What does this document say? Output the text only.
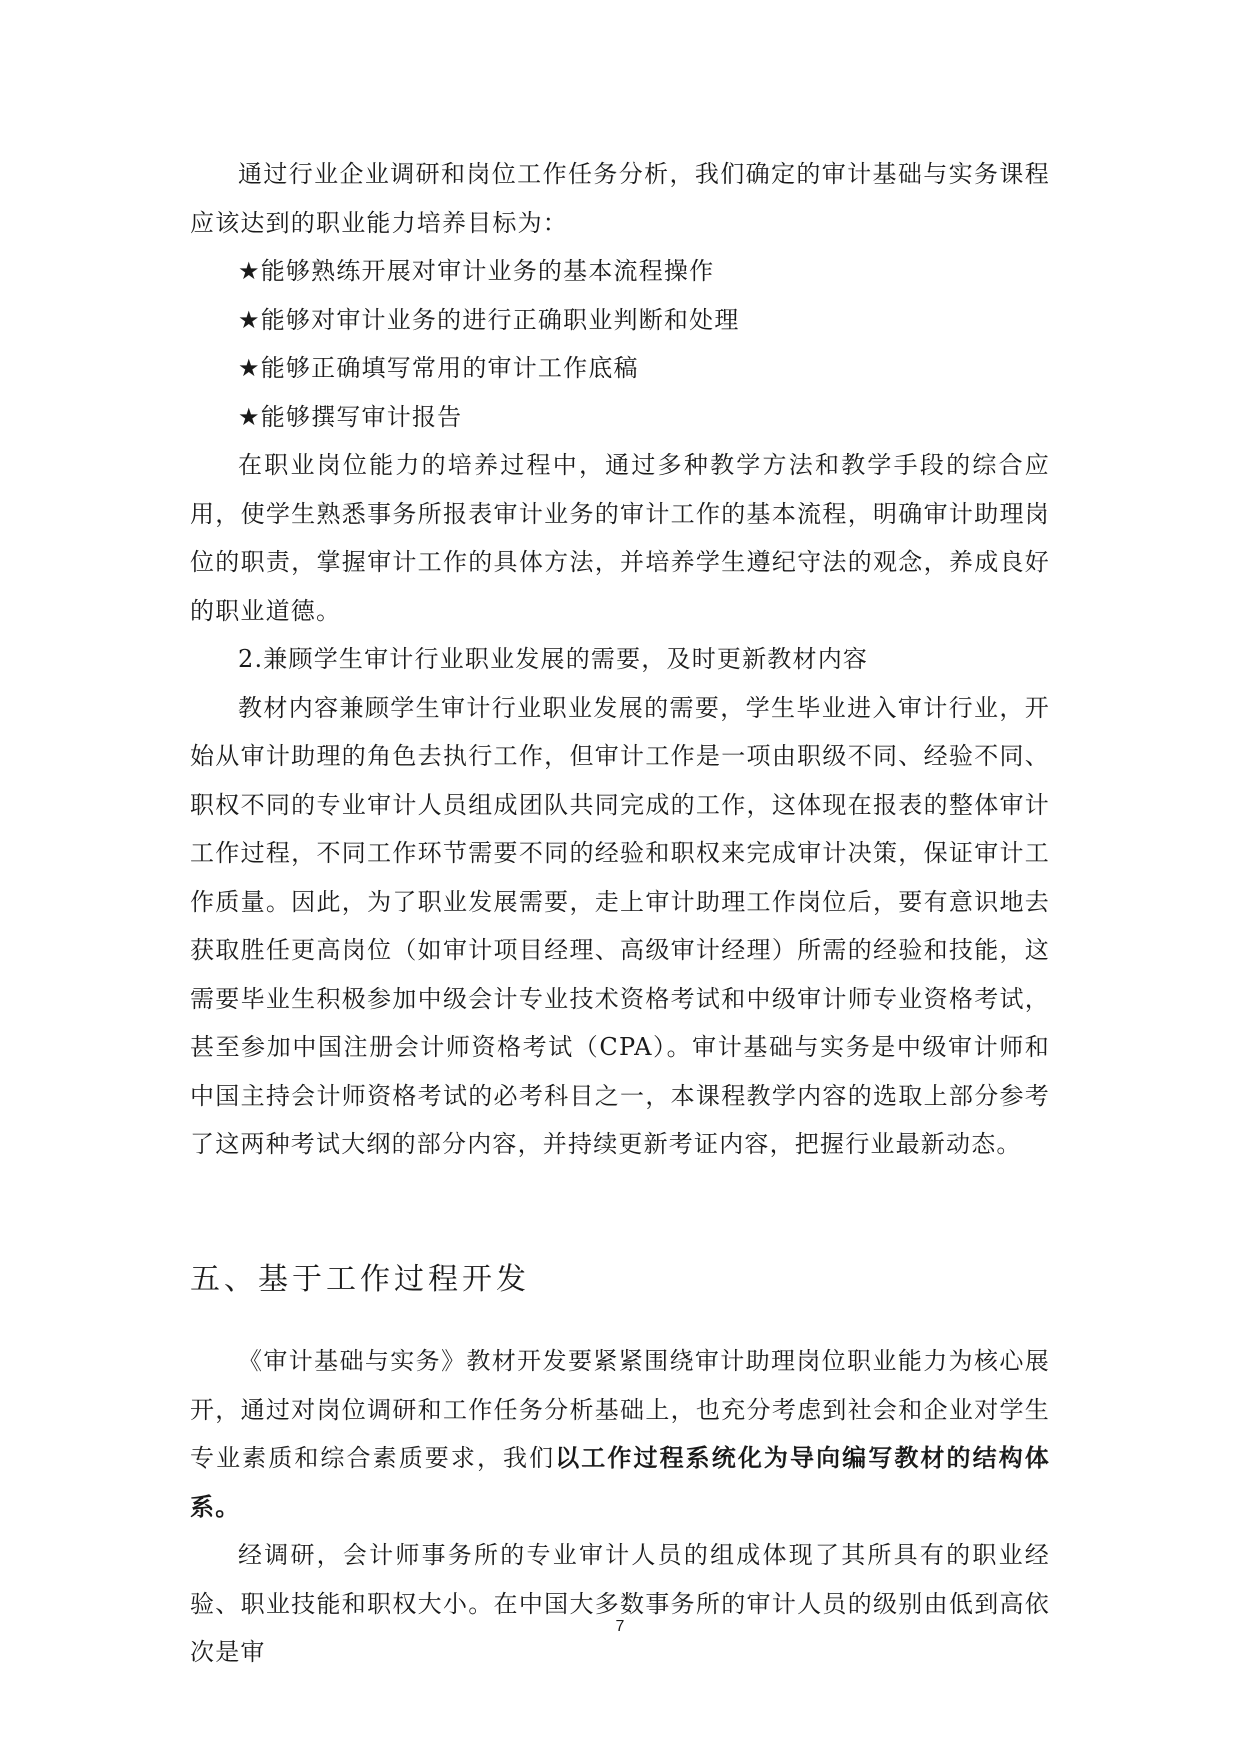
通过行业企业调研和岗位工作任务分析，我们确定的审计基础与实务课程应该达到的职业能力培养目标为：

★能够熟练开展对审计业务的基本流程操作

★能够对审计业务的进行正确职业判断和处理

★能够正确填写常用的审计工作底稿

★能够撰写审计报告

在职业岗位能力的培养过程中，通过多种教学方法和教学手段的综合应用，使学生熟悉事务所报表审计业务的审计工作的基本流程，明确审计助理岗位的职责，掌握审计工作的具体方法，并培养学生遵纪守法的观念，养成良好的职业道德。

2.兼顾学生审计行业职业发展的需要，及时更新教材内容

教材内容兼顾学生审计行业职业发展的需要，学生毕业进入审计行业，开始从审计助理的角色去执行工作，但审计工作是一项由职级不同、经验不同、职权不同的专业审计人员组成团队共同完成的工作，这体现在报表的整体审计工作过程，不同工作环节需要不同的经验和职权来完成审计决策，保证审计工作质量。因此，为了职业发展需要，走上审计助理工作岗位后，要有意识地去获取胜任更高岗位（如审计项目经理、高级审计经理）所需的经验和技能，这需要毕业生积极参加中级会计专业技术资格考试和中级审计师专业资格考试，甚至参加中国注册会计师资格考试（CPA）。审计基础与实务是中级审计师和中国主持会计师资格考试的必考科目之一，本课程教学内容的选取上部分参考了这两种考试大纲的部分内容，并持续更新考证内容，把握行业最新动态。

五、基于工作过程开发

《审计基础与实务》教材开发要紧紧围绕审计助理岗位职业能力为核心展开，通过对岗位调研和工作任务分析基础上，也充分考虑到社会和企业对学生专业素质和综合素质要求，我们以工作过程系统化为导向编写教材的结构体系。

经调研，会计师事务所的专业审计人员的组成体现了其所具有的职业经验、职业技能和职权大小。在中国大多数事务所的审计人员的级别由低到高依次是审

7
